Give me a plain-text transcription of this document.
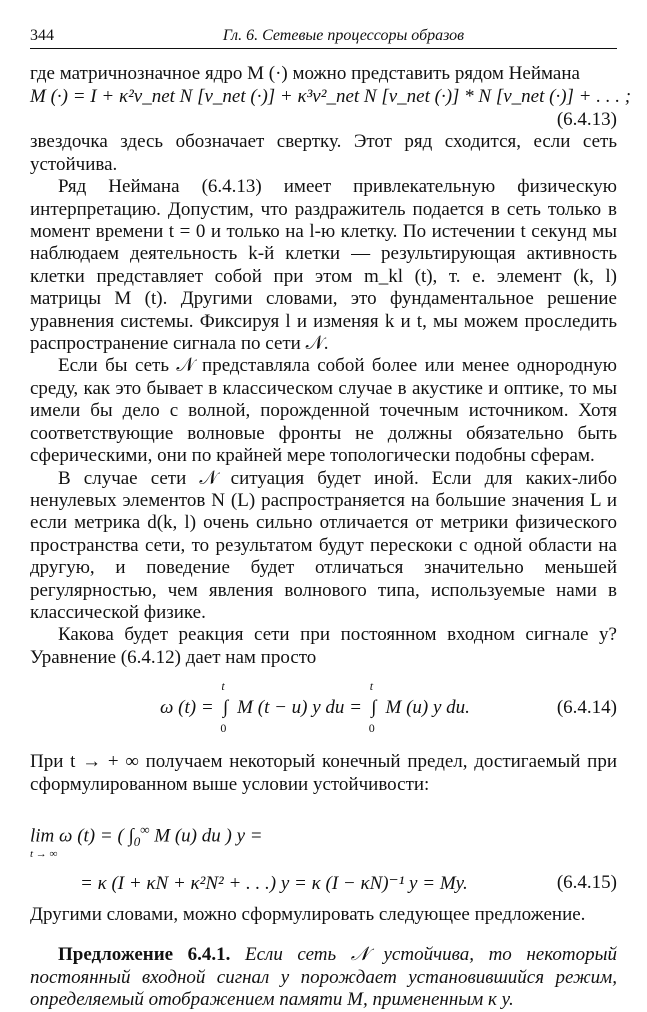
344	Гл. 6. Сетевые процессоры образов

где матричнозначное ядро M (·) можно представить рядом Неймана

M (·) = I + κ²v_net N [v_net (·)] + κ³v²_net N [v_net (·)] * N [v_net (·)] + . . . ;
(6.4.13)

звездочка здесь обозначает свертку. Этот ряд сходится, если сеть устойчива.

Ряд Неймана (6.4.13) имеет привлекательную физическую интерпретацию. Допустим, что раздражитель подается в сеть только в момент времени t = 0 и только на l-ю клетку. По истечении t секунд мы наблюдаем деятельность k-й клетки — результирующая активность клетки представляет собой при этом m_kl (t), т. е. элемент (k, l) матрицы M (t). Другими словами, это фундаментальное решение уравнения системы. Фиксируя l и изменяя k и t, мы можем проследить распространение сигнала по сети 𝒩.

Если бы сеть 𝒩 представляла собой более или менее однородную среду, как это бывает в классическом случае в акустике и оптике, то мы имели бы дело с волной, порожденной точечным источником. Хотя соответствующие волновые фронты не должны обязательно быть сферическими, они по крайней мере топологически подобны сферам.

В случае сети 𝒩 ситуация будет иной. Если для каких-либо ненулевых элементов N (L) распространяется на большие значения L и если метрика d(k, l) очень сильно отличается от метрики физического пространства сети, то результатом будут перескоки с одной области на другую, и поведение будет отличаться значительно меньшей регулярностью, чем явления волнового типа, используемые нами в классической физике.

Какова будет реакция сети при постоянном входном сигнале y? Уравнение (6.4.12) дает нам просто

ω (t) = ∫
t
0
M (t − u) y du = ∫
t
0
M (u) y du.	(6.4.14)

При t → + ∞ получаем некоторый конечный предел, достигаемый при сформулированном выше условии устойчивости:

lim ω (t) = ( $\int_0^\infty$ M (u) du ) y =
t → ∞
= κ (I + κN + κ²N² + . . .) y = κ (I − κN)⁻¹ y = My.	(6.4.15)

Другими словами, можно сформулировать следующее предложение.

Предложение 6.4.1. Если сеть 𝒩 устойчива, то некоторый постоянный входной сигнал y порождает установившийся режим, определяемый отображением памяти M, примененным к y.
